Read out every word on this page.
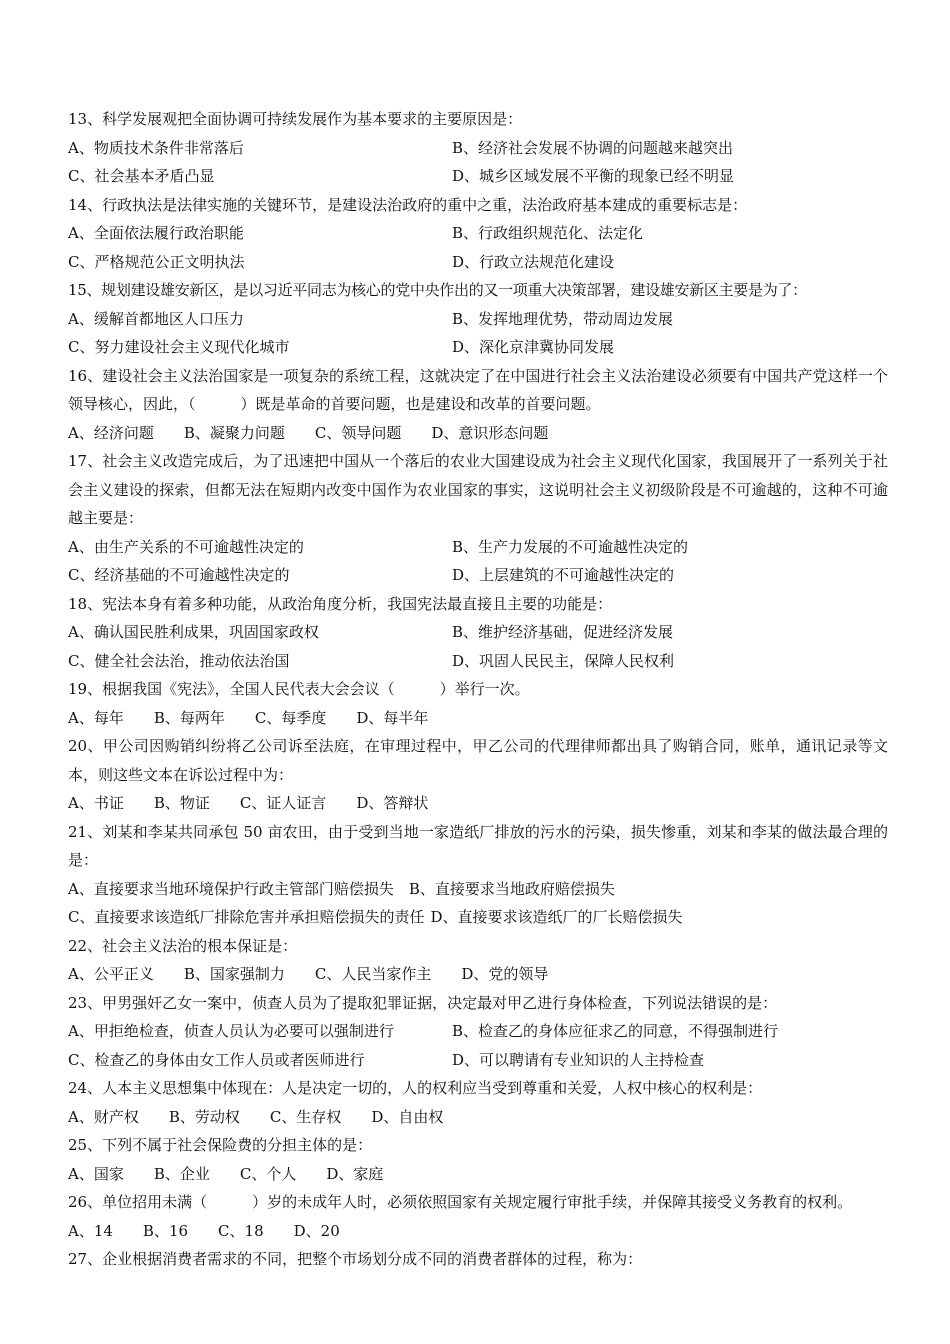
13、科学发展观把全面协调可持续发展作为基本要求的主要原因是：

A、物质技术条件非常落后	B、经济社会发展不协调的问题越来越突出
C、社会基本矛盾凸显	D、城乡区域发展不平衡的现象已经不明显

14、行政执法是法律实施的关键环节，是建设法治政府的重中之重，法治政府基本建成的重要标志是：

A、全面依法履行政治职能	B、行政组织规范化、法定化
C、严格规范公正文明执法	D、行政立法规范化建设

15、规划建设雄安新区，是以习近平同志为核心的党中央作出的又一项重大决策部署，建设雄安新区主要是为了：

A、缓解首都地区人口压力	B、发挥地理优势，带动周边发展
C、努力建设社会主义现代化城市	D、深化京津冀协同发展

16、建设社会主义法治国家是一项复杂的系统工程，这就决定了在中国进行社会主义法治建设必须要有中国共产党这样一个领导核心，因此，（　　　）既是革命的首要问题，也是建设和改革的首要问题。

A、经济问题 B、凝聚力问题 C、领导问题 D、意识形态问题

17、社会主义改造完成后，为了迅速把中国从一个落后的农业大国建设成为社会主义现代化国家，我国展开了一系列关于社会主义建设的探索，但都无法在短期内改变中国作为农业国家的事实，这说明社会主义初级阶段是不可逾越的，这种不可逾越主要是：

A、由生产关系的不可逾越性决定的	B、生产力发展的不可逾越性决定的
C、经济基础的不可逾越性决定的	D、上层建筑的不可逾越性决定的

18、宪法本身有着多种功能，从政治角度分析，我国宪法最直接且主要的功能是：

A、确认国民胜利成果，巩固国家政权	B、维护经济基础，促进经济发展
C、健全社会法治，推动依法治国	D、巩固人民民主，保障人民权利

19、根据我国《宪法》，全国人民代表大会会议（　　　）举行一次。

A、每年 B、每两年 C、每季度 D、每半年

20、甲公司因购销纠纷将乙公司诉至法庭，在审理过程中，甲乙公司的代理律师都出具了购销合同，账单，通讯记录等文本，则这些文本在诉讼过程中为：

A、书证 B、物证 C、证人证言 D、答辩状

21、刘某和李某共同承包 50 亩农田，由于受到当地一家造纸厂排放的污水的污染，损失惨重，刘某和李某的做法最合理的是：

A、直接要求当地环境保护行政主管部门赔偿损失 B、直接要求当地政府赔偿损失
C、直接要求该造纸厂排除危害并承担赔偿损失的责任 D、直接要求该造纸厂的厂长赔偿损失

22、社会主义法治的根本保证是：

A、公平正义 B、国家强制力 C、人民当家作主 D、党的领导

23、甲男强奸乙女一案中，侦查人员为了提取犯罪证据，决定最对甲乙进行身体检查，下列说法错误的是：

A、甲拒绝检查，侦查人员认为必要可以强制进行	B、检查乙的身体应征求乙的同意，不得强制进行
C、检查乙的身体由女工作人员或者医师进行	D、可以聘请有专业知识的人主持检查

24、人本主义思想集中体现在：人是决定一切的，人的权利应当受到尊重和关爱，人权中核心的权利是：

A、财产权 B、劳动权 C、生存权 D、自由权

25、下列不属于社会保险费的分担主体的是：

A、国家 B、企业 C、个人 D、家庭

26、单位招用未满（　　　）岁的未成年人时，必须依照国家有关规定履行审批手续，并保障其接受义务教育的权利。

A、14 B、16 C、18 D、20

27、企业根据消费者需求的不同，把整个市场划分成不同的消费者群体的过程，称为：
